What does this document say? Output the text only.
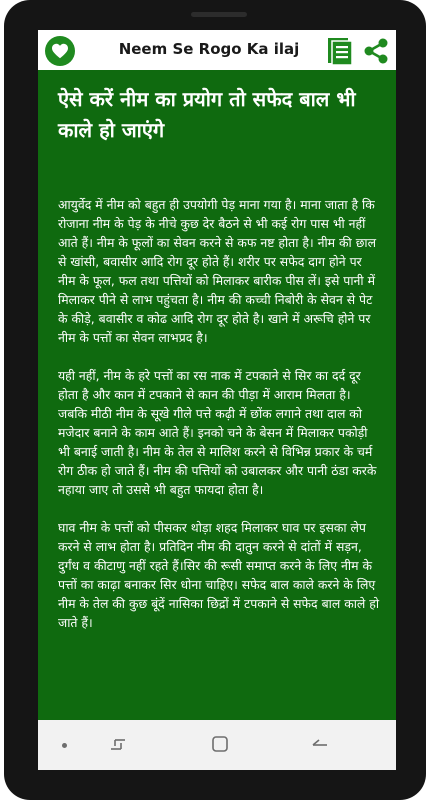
Neem Se Rogo Ka ilaj
ऐसे करें नीम का प्रयोग तो सफेद बाल भी काले हो जाएंगे

आयुर्वेद में नीम को बहुत ही उपयोगी पेड़ माना गया है। माना जाता है कि रोजाना नीम के पेड़ के नीचे कुछ देर बैठने से भी कई रोग पास भी नहीं आते हैं। नीम के फूलों का सेवन करने से कफ नष्ट होता है। नीम की छाल से खांसी, बवासीर आदि रोग दूर होते हैं। शरीर पर सफेद दाग होने पर नीम के फूल, फल तथा पत्तियों को मिलाकर बारीक पीस लें। इसे पानी में मिलाकर पीने से लाभ पहुंचता है। नीम की कच्ची निबोरी के सेवन से पेट के कीड़े, बवासीर व कोढ आदि रोग दूर होते है। खाने में अरूचि होने पर नीम के पत्तों का सेवन लाभप्रद है।

यही नहीं, नीम के हरे पत्तों का रस नाक में टपकाने से सिर का दर्द दूर होता है और कान में टपकाने से कान की पीड़ा में आराम मिलता है। जबकि मीठी नीम के सूखे गीले पत्ते कढ़ी में छोंक लगाने तथा दाल को मजेदार बनाने के काम आते हैं। इनको चने के बेसन में मिलाकर पकोड़ी भी बनाई जाती है। नीम के तेल से मालिश करने से विभिन्न प्रकार के चर्म रोग ठीक हो जाते हैं। नीम की पत्तियों को उबालकर और पानी ठंडा करके नहाया जाए तो उससे भी बहुत फायदा होता है।

घाव नीम के पत्तों को पीसकर थोड़ा शहद मिलाकर घाव पर इसका लेप करने से लाभ होता है। प्रतिदिन नीम की दातुन करने से दांतों में सड़न, दुर्गंध व कीटाणु नहीं रहते हैं।सिर की रूसी समाप्त करने के लिए नीम के पत्तों का काढ़ा बनाकर सिर धोना चाहिए। सफेद बाल काले करने के लिए नीम के तेल की कुछ बूंदें नासिका छिद्रों में टपकाने से सफेद बाल काले हो जाते हैं।
